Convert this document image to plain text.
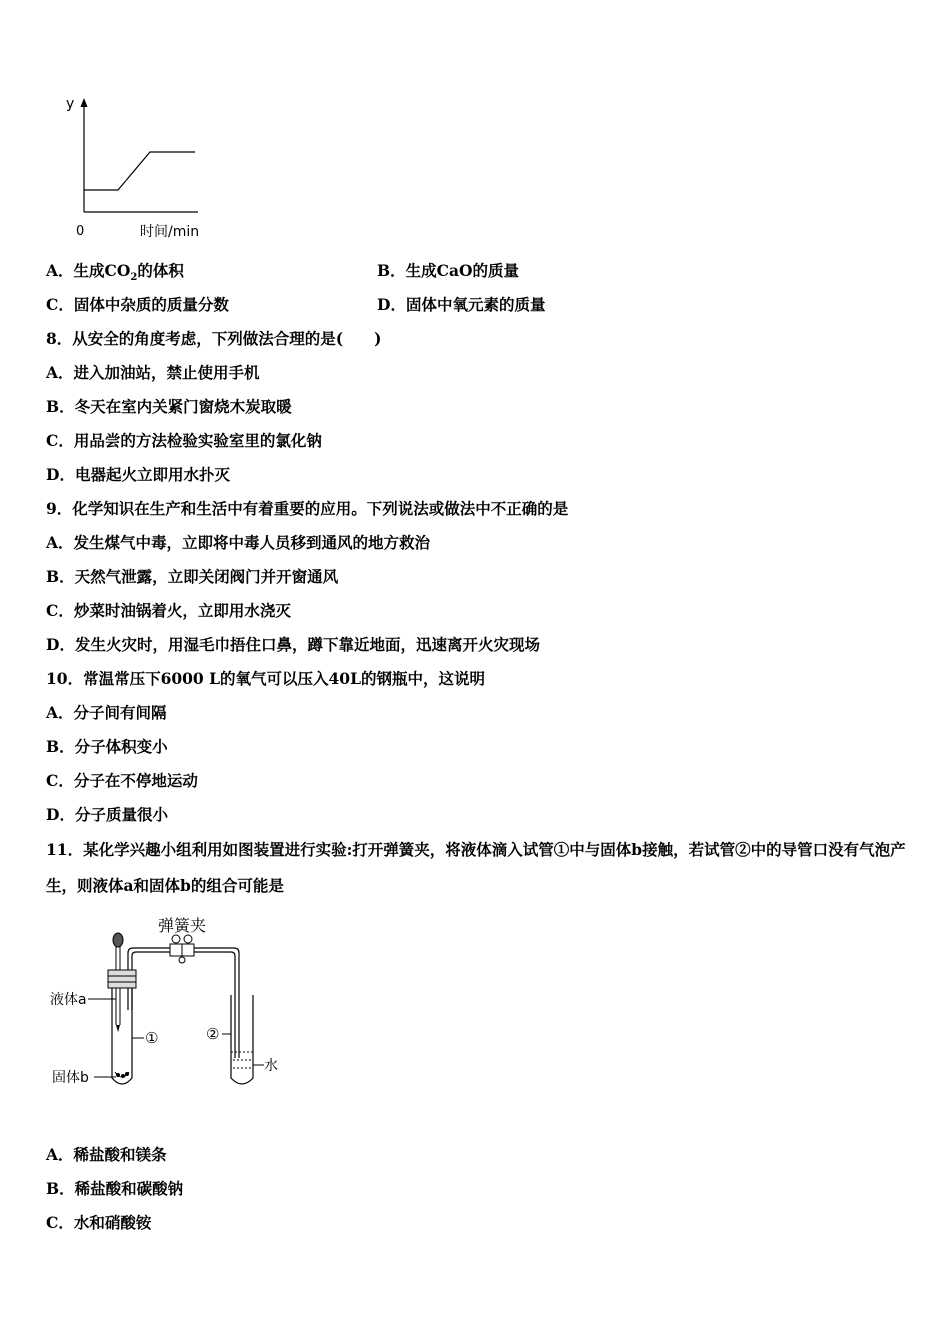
y
0	时间/min
A．生成$CO_2$的体积	B．生成CaO的质量
C．固体中杂质的质量分数	D．固体中氧元素的质量
8．从安全的角度考虑，下列做法合理的是(　　)
A．进入加油站，禁止使用手机
B．冬天在室内关紧门窗烧木炭取暖
C．用品尝的方法检验实验室里的氯化钠
D．电器起火立即用水扑灭
9．化学知识在生产和生活中有着重要的应用。下列说法或做法中不正确的是
A．发生煤气中毒，立即将中毒人员移到通风的地方救治
B．天然气泄露，立即关闭阀门并开窗通风
C．炒菜时油锅着火，立即用水浇灭
D．发生火灾时，用湿毛巾捂住口鼻，蹲下靠近地面，迅速离开火灾现场
10．常温常压下6000 L的氧气可以压入40L的钢瓶中，这说明
A．分子间有间隔
B．分子体积变小
C．分子在不停地运动
D．分子质量很小
11．某化学兴趣小组利用如图装置进行实验:打开弹簧夹，将液体滴入试管①中与固体b接触，若试管②中的导管口没有气泡产生，则液体a和固体b的组合可能是
弹簧夹
液体a
①	②
水
固体b
A．稀盐酸和镁条
B．稀盐酸和碳酸钠
C．水和硝酸铵
